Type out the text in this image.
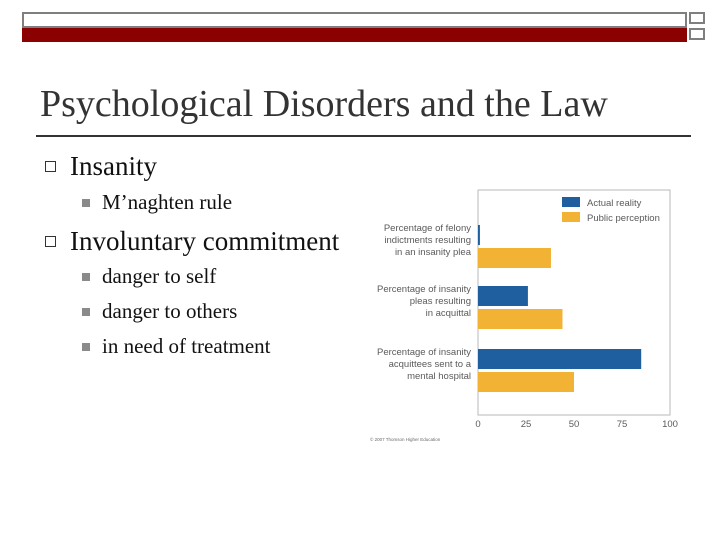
Psychological Disorders and the Law
Insanity
M’naghten rule
Involuntary commitment
danger to self
danger to others
in need of treatment
Actual reality
Public perception
Percentage of felony
indictments resulting
in an insanity plea
Percentage of insanity
pleas resulting
in acquittal
Percentage of insanity
acquittees sent to a
mental hospital
0	25	50	75	100
© 2007 Thomson Higher Education
